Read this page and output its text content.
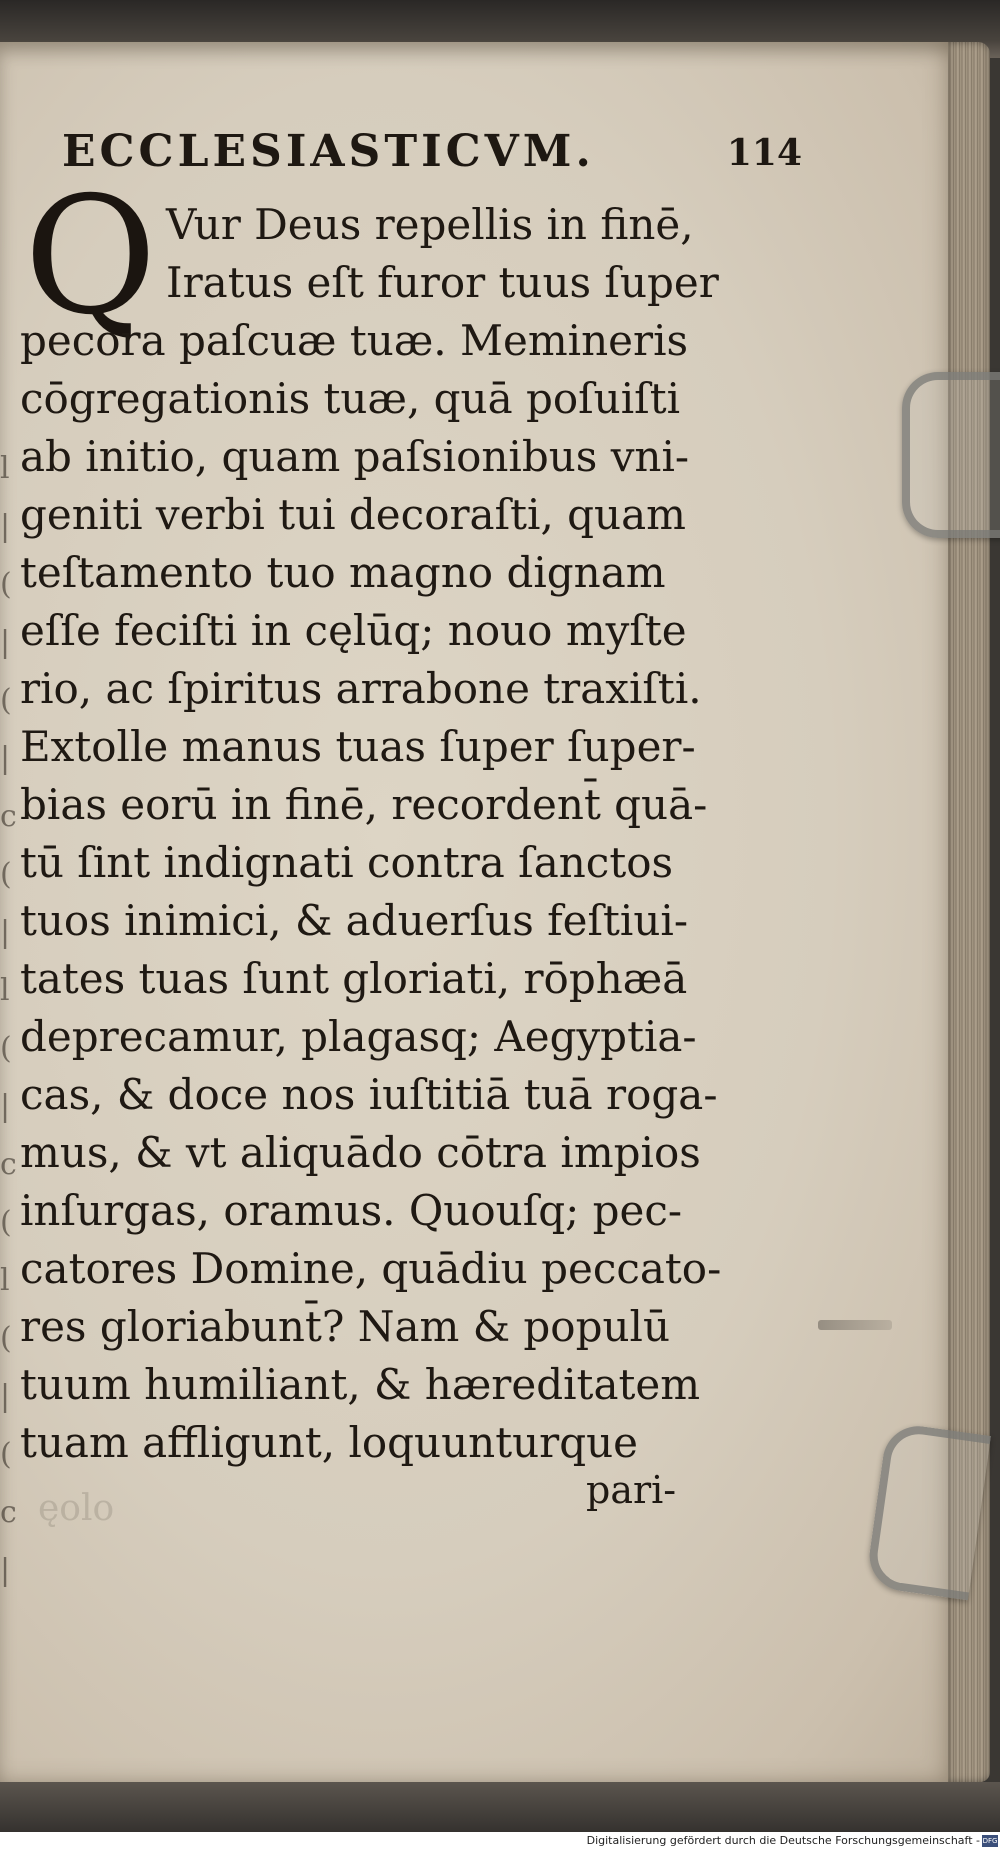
l
|
(
|
(
|
c
(
|
l
(
|
c
(
l
(
|
(
c
|
ECCLESIASTICVM.	114
Q Vur Deus repellis in finē,
Iratus eſt furor tuus ſuper
pecora paſcuæ tuæ. Memineris
cōgregationis tuæ, quā poſuiſti
ab initio, quam paſsionibus vni-
geniti verbi tui decoraſti, quam
teſtamento tuo magno dignam
eſſe feciſti in cęlūq; nouo myſte
rio, ac ſpiritus arrabone traxiſti.
Extolle manus tuas ſuper ſuper-
bias eorū in finē, recordent̄ quā-
tū ſint indignati contra ſanctos
tuos inimici, & aduerſus feſtiui-
tates tuas ſunt gloriati, rōphæā
deprecamur, plagasq; Aegyptia-
cas, & doce nos iuſtitiā tuā roga-
mus, & vt aliquādo cōtra impios
inſurgas, oramus. Quouſq; pec-
catores Domine, quādiu peccato-
res gloriabunt̄? Nam & populū
tuum humiliant, & hæreditatem
tuam affligunt, loquunturque
pari-
ęolo
Digitalisierung gefördert durch die Deutsche Forschungsgemeinschaft - DFG
